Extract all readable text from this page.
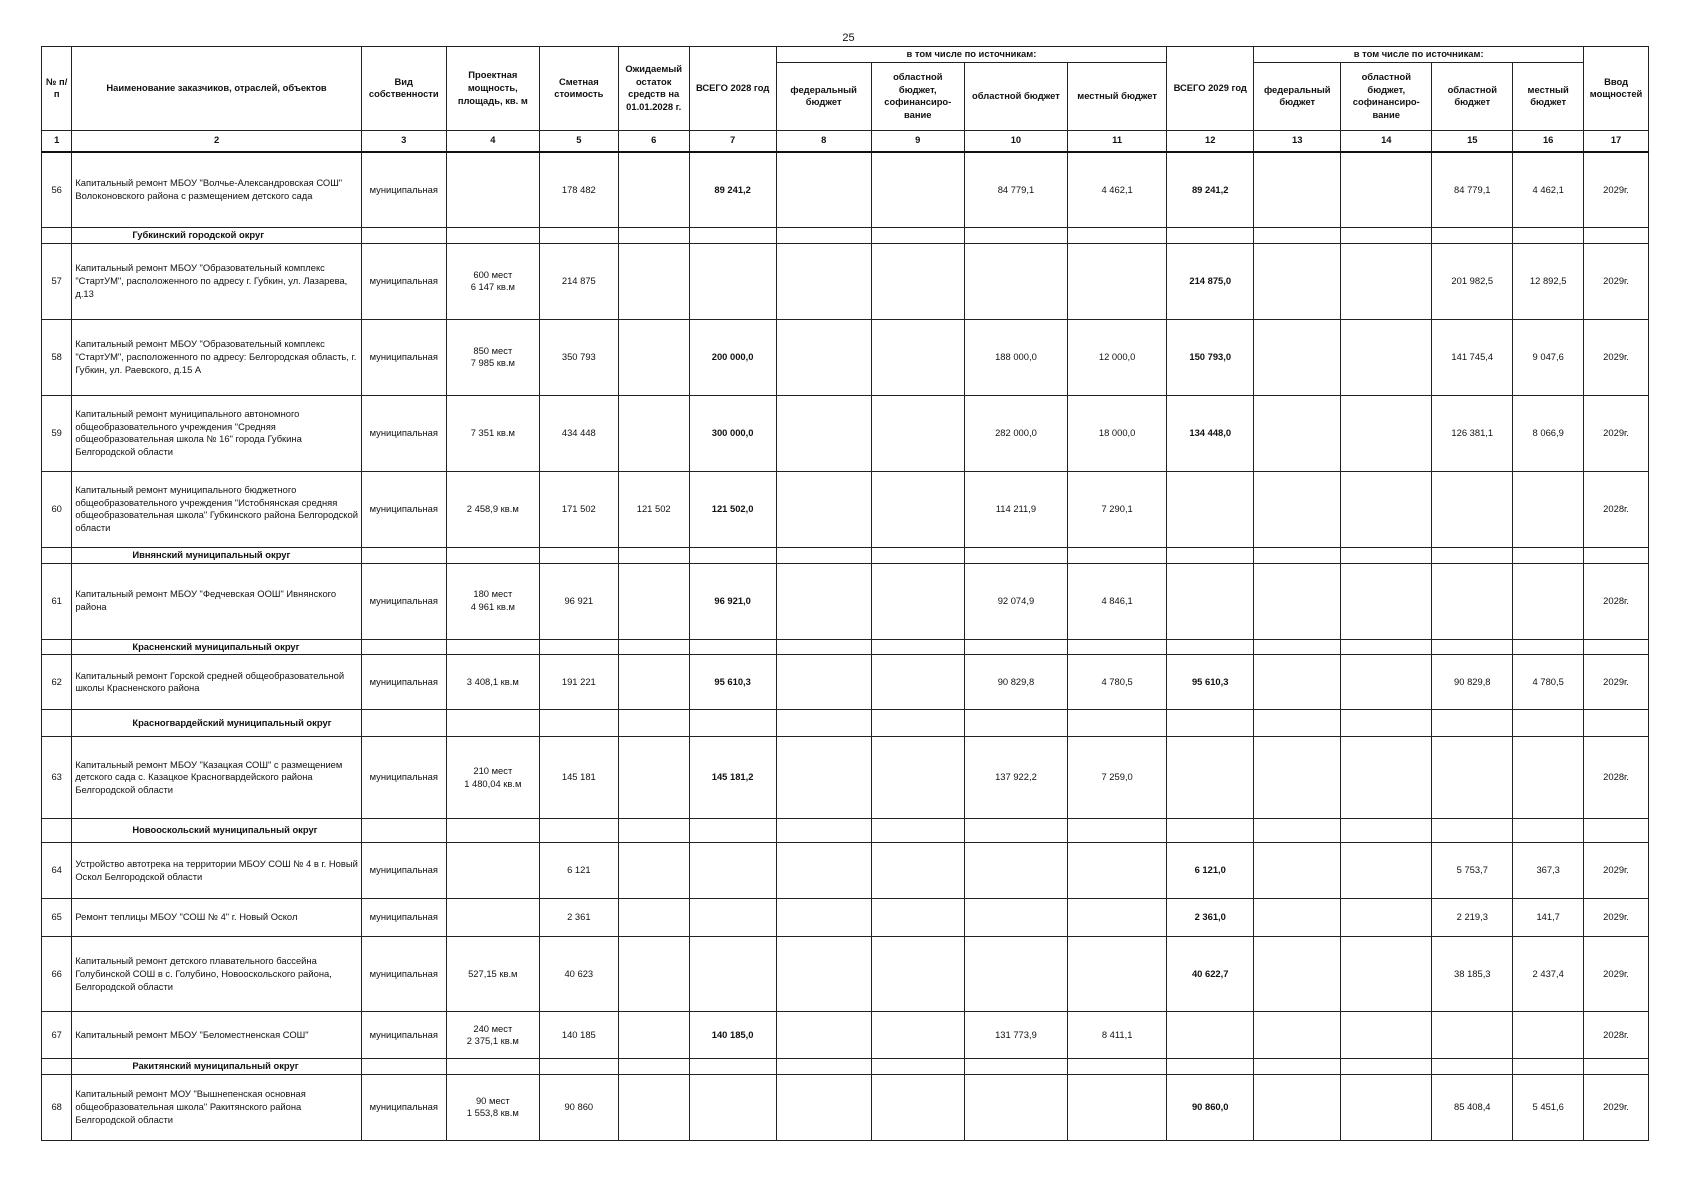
25
№ п/п	Наименование заказчиков, отраслей, объектов	Вид собственности	Проектная мощность, площадь, кв. м	Сметная стоимость	Ожидаемый остаток средств на 01.01.2028 г.	ВСЕГО 2028 год	в том числе по источникам:				ВСЕГО 2029 год	в том числе по источникам:				Ввод мощностей
							федеральный бюджет	областной бюджет, софинансиро-вание	областной бюджет	местный бюджет		федеральный бюджет	областной бюджет, софинансиро-вание	областной бюджет	местный бюджет	
1	2	3	4	5	6	7	8	9	10	11	12	13	14	15	16	17
56	Капитальный ремонт МБОУ "Волчье-Александровская СОШ" Волоконовского района с размещением детского сада	муниципальная		178 482		89 241,2			84 779,1	4 462,1	89 241,2			84 779,1	4 462,1	2029г.
	Губкинский городской округ															
57	Капитальный ремонт МБОУ "Образовательный комплекс "СтартУМ", расположенного по адресу г. Губкин, ул. Лазарева, д.13	муниципальная	600 мест
6 147 кв.м	214 875							214 875,0			201 982,5	12 892,5	2029г.
58	Капитальный ремонт МБОУ "Образовательный комплекс "СтартУМ", расположенного по адресу: Белгородская область, г. Губкин, ул. Раевского, д.15 А	муниципальная	850 мест
7 985 кв.м	350 793		200 000,0			188 000,0	12 000,0	150 793,0			141 745,4	9 047,6	2029г.
59	Капитальный ремонт муниципального автономного общеобразовательного учреждения "Средняя общеобразовательная школа № 16" города Губкина Белгородской области	муниципальная	7 351 кв.м	434 448		300 000,0			282 000,0	18 000,0	134 448,0			126 381,1	8 066,9	2029г.
60	Капитальный ремонт муниципального бюджетного общеобразовательного учреждения "Истобнянская средняя общеобразовательная школа" Губкинского района Белгородской области	муниципальная	2 458,9 кв.м	171 502	121 502	121 502,0			114 211,9	7 290,1						2028г.
	Ивнянский муниципальный округ															
61	Капитальный ремонт МБОУ "Федчевская ООШ" Ивнянского района	муниципальная	180 мест
4 961 кв.м	96 921		96 921,0			92 074,9	4 846,1						2028г.
	Красненский муниципальный округ															
62	Капитальный ремонт Горской средней общеобразовательной школы Красненского района	муниципальная	3 408,1 кв.м	191 221		95 610,3			90 829,8	4 780,5	95 610,3			90 829,8	4 780,5	2029г.
	Красногвардейский муниципальный округ															
63	Капитальный ремонт МБОУ "Казацкая СОШ" с размещением детского сада с. Казацкое Красногвардейского района Белгородской области	муниципальная	210 мест
1 480,04 кв.м	145 181		145 181,2			137 922,2	7 259,0						2028г.
	Новооскольский муниципальный округ															
64	Устройство автотрека на территории МБОУ СОШ № 4 в г. Новый Оскол Белгородской области	муниципальная		6 121							6 121,0			5 753,7	367,3	2029г.
65	Ремонт теплицы МБОУ "СОШ № 4" г. Новый Оскол	муниципальная		2 361							2 361,0			2 219,3	141,7	2029г.
66	Капитальный ремонт детского плавательного бассейна Голубинской СОШ в с. Голубино, Новооскольского района, Белгородской области	муниципальная	527,15 кв.м	40 623							40 622,7			38 185,3	2 437,4	2029г.
67	Капитальный ремонт МБОУ "Беломестненская СОШ"	муниципальная	240 мест
2 375,1 кв.м	140 185		140 185,0			131 773,9	8 411,1						2028г.
	Ракитянский муниципальный округ															
68	Капитальный ремонт МОУ "Вышнепенская основная общеобразовательная школа" Ракитянского района Белгородской области	муниципальная	90 мест
1 553,8 кв.м	90 860							90 860,0			85 408,4	5 451,6	2029г.
